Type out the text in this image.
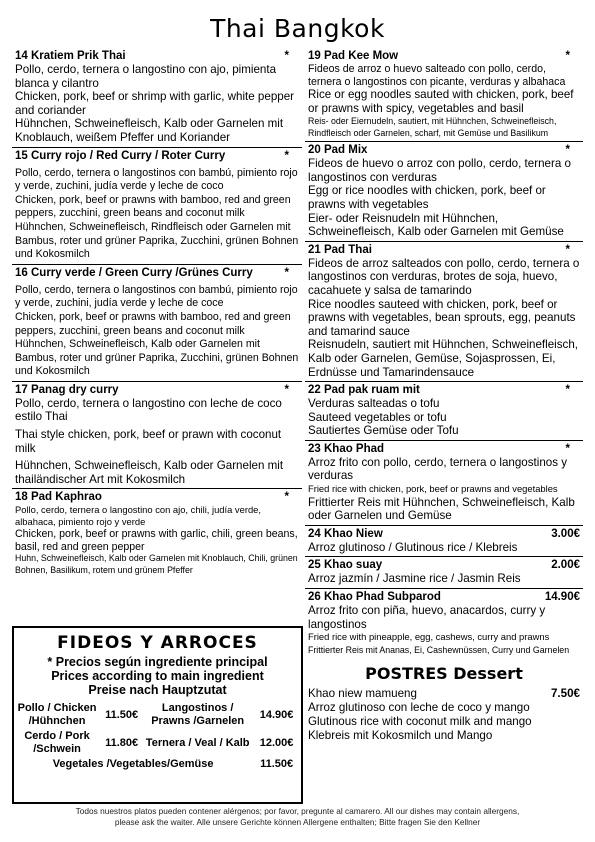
Thai Bangkok
14 Kratiem Prik Thai	*

Pollo, cerdo, ternera o langostino con ajo, pimienta blanca y cilantro

Chicken, pork, beef or shrimp with garlic, white pepper and coriander

Hühnchen, Schweinefleisch, Kalb oder Garnelen mit Knoblauch, weißem Pfeffer und Koriander

15 Curry rojo / Red Curry / Roter Curry	*

Pollo, cerdo, ternera o langostinos con bambú, pimiento rojo y verde, zuchini, judía verde y leche de coco

Chicken, pork, beef or prawns with bamboo, red and green peppers, zucchini, green beans and coconut milk

Hühnchen, Schweinefleisch, Rindfleisch oder Garnelen mit Bambus, roter und grüner Paprika, Zucchini, grünen Bohnen und Kokosmilch

16 Curry verde / Green Curry /Grünes Curry	*

Pollo, cerdo, ternera o langostinos con bambú, pimiento rojo y verde, zuchini, judía verde y leche de coce

Chicken, pork, beef or prawns with bamboo, red and green peppers, zucchini, green beans and coconut milk

Hühnchen, Schweinefleisch, Kalb oder Garnelen mit Bambus, roter und grüner Paprika, Zucchini, grünen Bohnen und Kokosmilch

17 Panag dry curry	*

Pollo, cerdo, ternera o langostino con leche de coco estilo Thai

Thai style chicken, pork, beef or prawn with coconut milk

Hühnchen, Schweinefleisch, Kalb oder Garnelen mit thailändischer Art mit Kokosmilch

18 Pad Kaphrao	*

Pollo, cerdo, ternera o langostino con ajo, chili, judía verde, albahaca, pimiento rojo y verde

Chicken, pork, beef or prawns with garlic, chili, green beans, basil, red and green pepper

Huhn, Schweinefleisch, Kalb oder Garnelen mit Knoblauch, Chili, grünen Bohnen, Basilikum, rotem und grünem Pfeffer

FIDEOS Y ARROCES
* Precios según ingrediente principal
Prices according to main ingredient
Preise nach Hauptzutat
Pollo / Chicken /Hühnchen	11.50€	Langostinos / Prawns /Garnelen	14.90€
Cerdo / Pork /Schwein	11.80€	Ternera / Veal / Kalb	12.00€
Vegetales /Vegetables/Gemüse			11.50€
19 Pad Kee Mow	*

Fideos de arroz o huevo salteado con pollo, cerdo, ternera o langostinos con picante, verduras y albahaca

Rice or egg noodles sauted with chicken, pork, beef or prawns with spicy, vegetables and basil

Reis- oder Eiernudeln, sautiert, mit Hühnchen, Schweinefleisch, Rindfleisch oder Garnelen, scharf, mit Gemüse und Basilikum

20 Pad Mix	*

Fideos de huevo o arroz con pollo, cerdo, ternera o langostinos con verduras

Egg or rice noodles with chicken, pork, beef or prawns with vegetables

Eier- oder Reisnudeln mit Hühnchen, Schweinefleisch, Kalb oder Garnelen mit Gemüse

21 Pad Thai	*

Fideos de arroz salteados con pollo, cerdo, ternera o langostinos con verduras, brotes de soja, huevo, cacahuete y salsa de tamarindo

Rice noodles sauteed with chicken, pork, beef or prawns with vegetables, bean sprouts, egg, peanuts and tamarind sauce

Reisnudeln, sautiert mit Hühnchen, Schweinefleisch, Kalb oder Garnelen, Gemüse, Sojasprossen, Ei, Erdnüsse und Tamarindensauce

22 Pad pak ruam mit	*

Verduras salteadas o tofu

Sauteed vegetables or tofu

Sautiertes Gemüse oder Tofu

23 Khao Phad	*

Arroz frito con pollo, cerdo, ternera o langostinos y verduras

Fried rice with chicken, pork, beef or prawns and vegetables

Frittierter Reis mit Hühnchen, Schweinefleisch, Kalb oder Garnelen und Gemüse

24 Khao Niew	3.00€

Arroz glutinoso / Glutinous rice / Klebreis

25 Khao suay	2.00€

Arroz jazmín / Jasmine rice / Jasmin Reis

26 Khao Phad Subparod	14.90€

Arroz frito con piña, huevo, anacardos, curry y langostinos

Fried rice with pineapple, egg, cashews, curry and prawns

Frittierter Reis mit Ananas, Ei, Cashewnüssen, Curry und Garnelen

POSTRES Dessert
Khao niew mamueng	7.50€

Arroz glutinoso con leche de coco y mango

Glutinous rice with coconut milk and mango

Klebreis mit Kokosmilch und Mango

Todos nuestros platos pueden contener alérgenos; por favor, pregunte al camarero. All our dishes may contain allergens,
please ask the waiter. Alle unsere Gerichte können Allergene enthalten; Bitte fragen Sie den Kellner
